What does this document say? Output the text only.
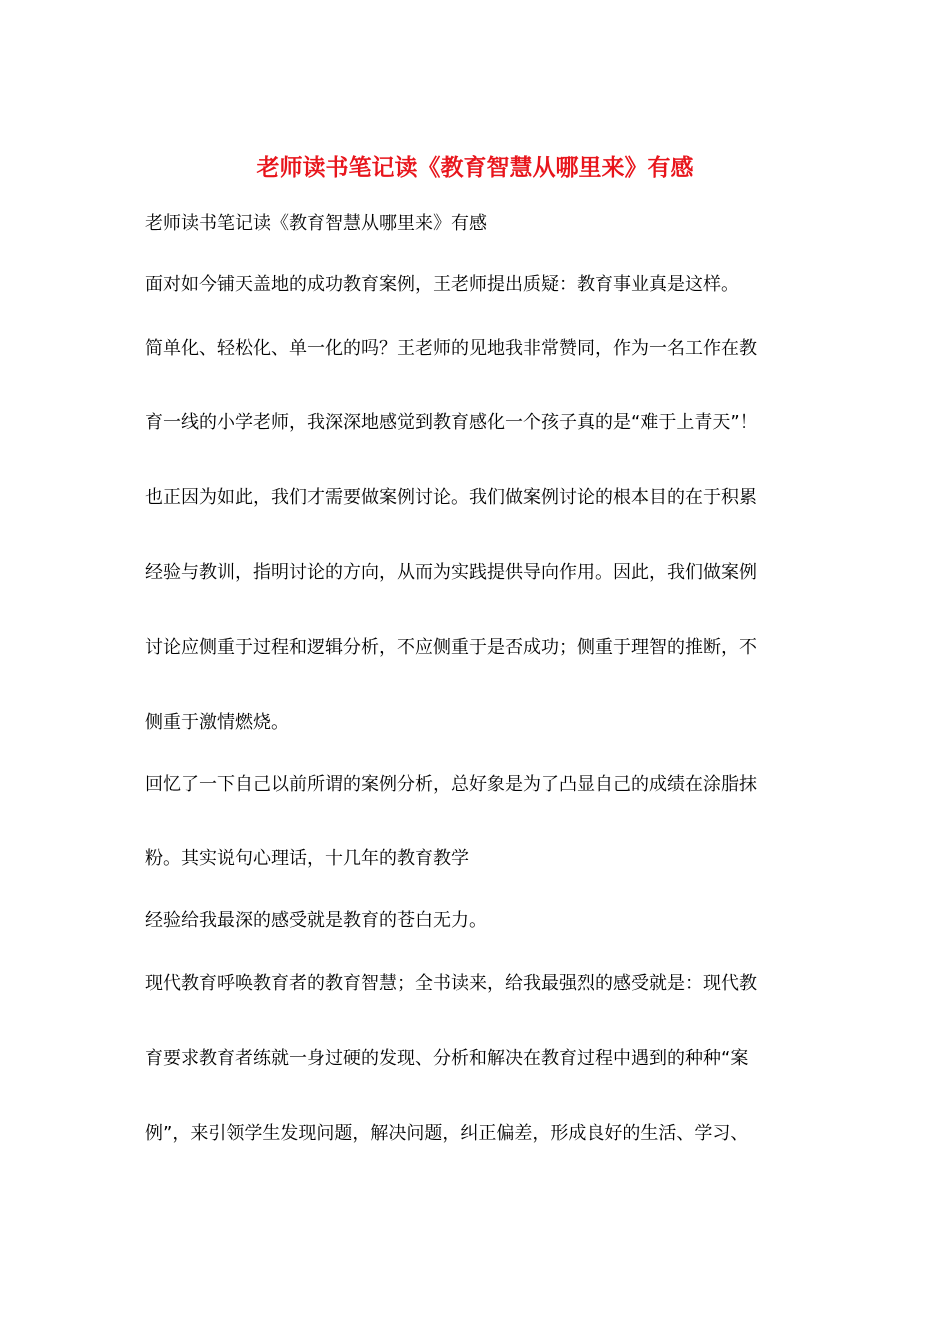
老师读书笔记读《教育智慧从哪里来》有感
老师读书笔记读《教育智慧从哪里来》有感
面对如今铺天盖地的成功教育案例，王老师提出质疑：教育事业真是这样。
简单化、轻松化、单一化的吗？王老师的见地我非常赞同，作为一名工作在教
育一线的小学老师，我深深地感觉到教育感化一个孩子真的是“难于上青天”！
也正因为如此，我们才需要做案例讨论。我们做案例讨论的根本目的在于积累
经验与教训，指明讨论的方向，从而为实践提供导向作用。因此，我们做案例
讨论应侧重于过程和逻辑分析，不应侧重于是否成功；侧重于理智的推断，不
侧重于激情燃烧。
回忆了一下自己以前所谓的案例分析，总好象是为了凸显自己的成绩在涂脂抹
粉。其实说句心理话，十几年的教育教学
经验给我最深的感受就是教育的苍白无力。
现代教育呼唤教育者的教育智慧；全书读来，给我最强烈的感受就是：现代教
育要求教育者练就一身过硬的发现、分析和解决在教育过程中遇到的种种“案
例”，来引领学生发现问题，解决问题，纠正偏差，形成良好的生活、学习、
